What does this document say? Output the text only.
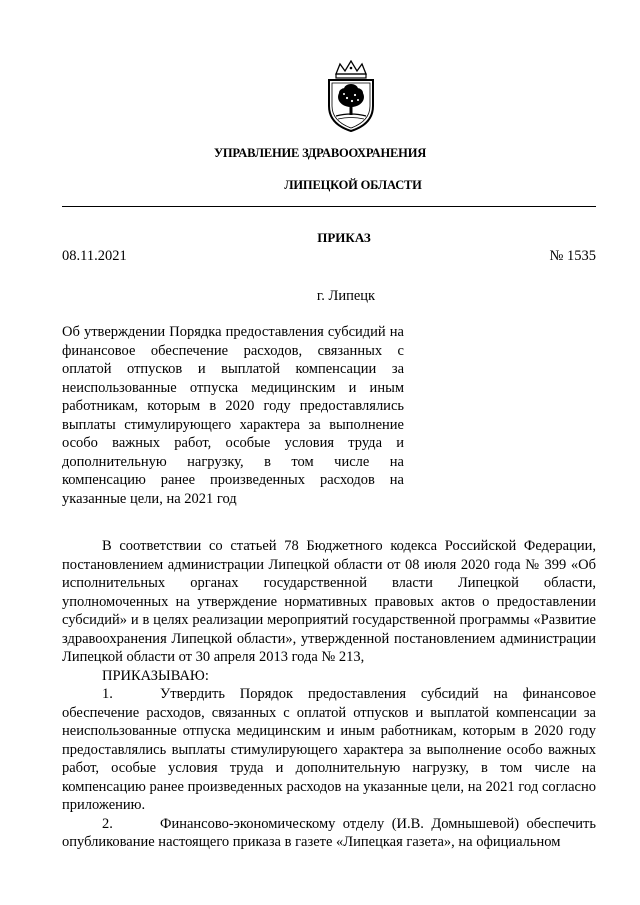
УПРАВЛЕНИЕ ЗДРАВООХРАНЕНИЯ
ЛИПЕЦКОЙ ОБЛАСТИ
ПРИКАЗ
08.11.2021	№ 1535
г. Липецк
Об утверждении Порядка предоставления субсидий на финансовое обеспечение расходов, связанных с оплатой отпусков и выплатой компенсации за неиспользованные отпуска медицинским и иным работникам, которым в 2020 году предоставлялись выплаты стимулирующего характера за выполнение особо важных работ, особые условия труда и дополнительную нагрузку, в том числе на компенсацию ранее произведенных расходов на указанные цели, на 2021 год

В соответствии со статьей 78 Бюджетного кодекса Российской Федерации, постановлением администрации Липецкой области от 08 июля 2020 года № 399 «Об исполнительных органах государственной власти Липецкой области, уполномоченных на утверждение нормативных правовых актов о предоставлении субсидий» и в целях реализации мероприятий государственной программы «Развитие здравоохранения Липецкой области», утвержденной постановлением администрации Липецкой области от 30 апреля 2013 года № 213,

ПРИКАЗЫВАЮ:

1.	Утвердить Порядок предоставления субсидий на финансовое обеспечение расходов, связанных с оплатой отпусков и выплатой компенсации за неиспользованные отпуска медицинским и иным работникам, которым в 2020 году предоставлялись выплаты стимулирующего характера за выполнение особо важных работ, особые условия труда и дополнительную нагрузку, в том числе на компенсацию ранее произведенных расходов на указанные цели, на 2021 год согласно приложению.

2.	Финансово-экономическому отделу (И.В. Домнышевой) обеспечить опубликование настоящего приказа в газете «Липецкая газета», на официальном
